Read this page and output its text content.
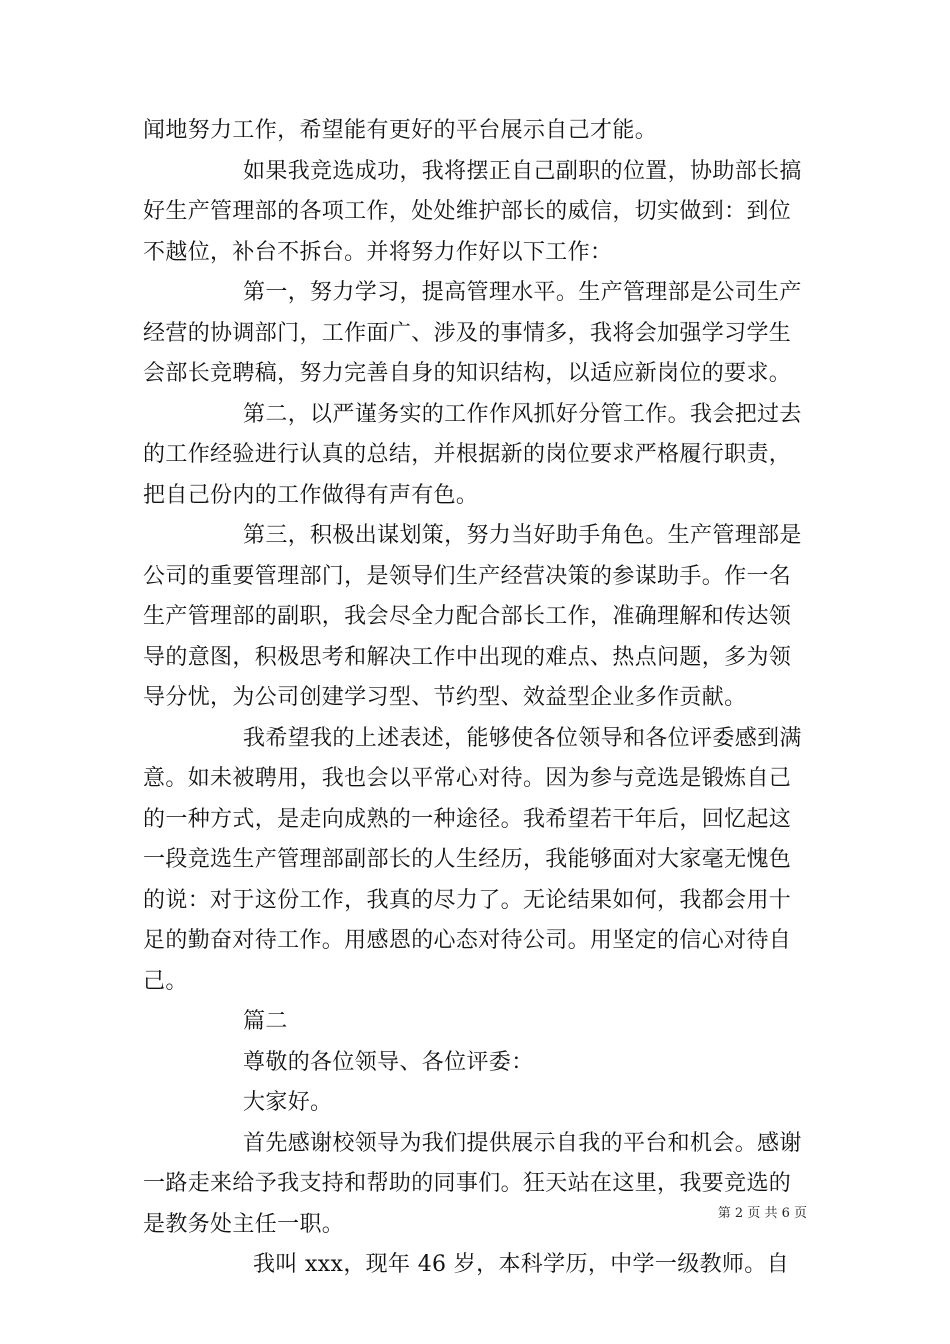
闻地努力工作，希望能有更好的平台展示自己才能。
如果我竞选成功，我将摆正自己副职的位置，协助部长搞
好生产管理部的各项工作，处处维护部长的威信，切实做到：到位
不越位，补台不拆台。并将努力作好以下工作：
第一，努力学习，提高管理水平。生产管理部是公司生产
经营的协调部门，工作面广、涉及的事情多，我将会加强学习学生
会部长竞聘稿，努力完善自身的知识结构，以适应新岗位的要求。
第二，以严谨务实的工作作风抓好分管工作。我会把过去
的工作经验进行认真的总结，并根据新的岗位要求严格履行职责，
把自己份内的工作做得有声有色。
第三，积极出谋划策，努力当好助手角色。生产管理部是
公司的重要管理部门，是领导们生产经营决策的参谋助手。作一名
生产管理部的副职，我会尽全力配合部长工作，准确理解和传达领
导的意图，积极思考和解决工作中出现的难点、热点问题，多为领
导分忧，为公司创建学习型、节约型、效益型企业多作贡献。
我希望我的上述表述，能够使各位领导和各位评委感到满
意。如未被聘用，我也会以平常心对待。因为参与竞选是锻炼自己
的一种方式，是走向成熟的一种途径。我希望若干年后，回忆起这
一段竞选生产管理部副部长的人生经历，我能够面对大家毫无愧色
的说：对于这份工作，我真的尽力了。无论结果如何，我都会用十
足的勤奋对待工作。用感恩的心态对待公司。用坚定的信心对待自
己。
篇二
尊敬的各位领导、各位评委：
大家好。
首先感谢校领导为我们提供展示自我的平台和机会。感谢
一路走来给予我支持和帮助的同事们。狂天站在这里，我要竞选的
是教务处主任一职。
我叫 xxx，现年 46 岁，本科学历，中学一级教师。自
第 2 页 共 6 页
